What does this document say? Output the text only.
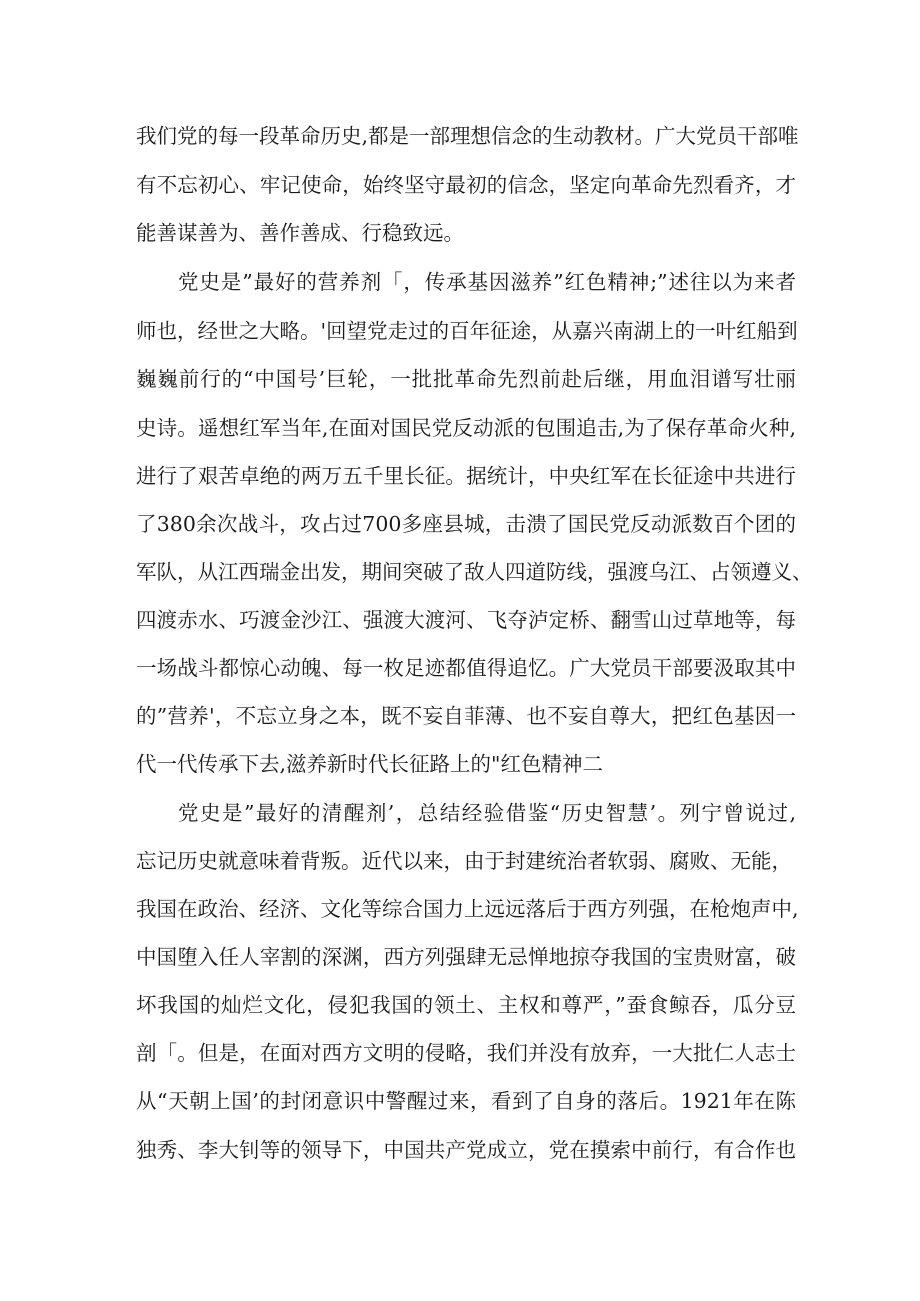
我们党的每一段革命历史,都是一部理想信念的生动教材。广大党员干部唯

有不忘初心、牢记使命，始终坚守最初的信念，坚定向革命先烈看齐，才

能善谋善为、善作善成、行稳致远。

党史是”最好的营养剂「，传承基因滋养”红色精神;”述往以为来者

师也，经世之大略。'回望党走过的百年征途，从嘉兴南湖上的一叶红船到

巍巍前行的“中国号’巨轮，一批批革命先烈前赴后继，用血泪谱写壮丽

史诗。遥想红军当年,在面对国民党反动派的包围追击,为了保存革命火种,

进行了艰苦卓绝的两万五千里长征。据统计，中央红军在长征途中共进行

了380余次战斗，攻占过700多座县城，击溃了国民党反动派数百个团的

军队，从江西瑞金出发，期间突破了敌人四道防线，强渡乌江、占领遵义、

四渡赤水、巧渡金沙江、强渡大渡河、飞夺泸定桥、翻雪山过草地等，每

一场战斗都惊心动魄、每一枚足迹都值得追忆。广大党员干部要汲取其中

的”营养'，不忘立身之本，既不妄自菲薄、也不妄自尊大，把红色基因一

代一代传承下去,滋养新时代长征路上的"红色精神二

党史是”最好的清醒剂’，总结经验借鉴“历史智慧’。列宁曾说过,

忘记历史就意味着背叛。近代以来，由于封建统治者软弱、腐败、无能，

我国在政治、经济、文化等综合国力上远远落后于西方列强，在枪炮声中,

中国堕入任人宰割的深渊，西方列强肆无忌惮地掠夺我国的宝贵财富，破

坏我国的灿烂文化，侵犯我国的领土、主权和尊严，”蚕食鲸吞，瓜分豆

剖「。但是，在面对西方文明的侵略，我们并没有放弃，一大批仁人志士

从“天朝上国’的封闭意识中警醒过来，看到了自身的落后。1921年在陈

独秀、李大钊等的领导下，中国共产党成立，党在摸索中前行，有合作也
